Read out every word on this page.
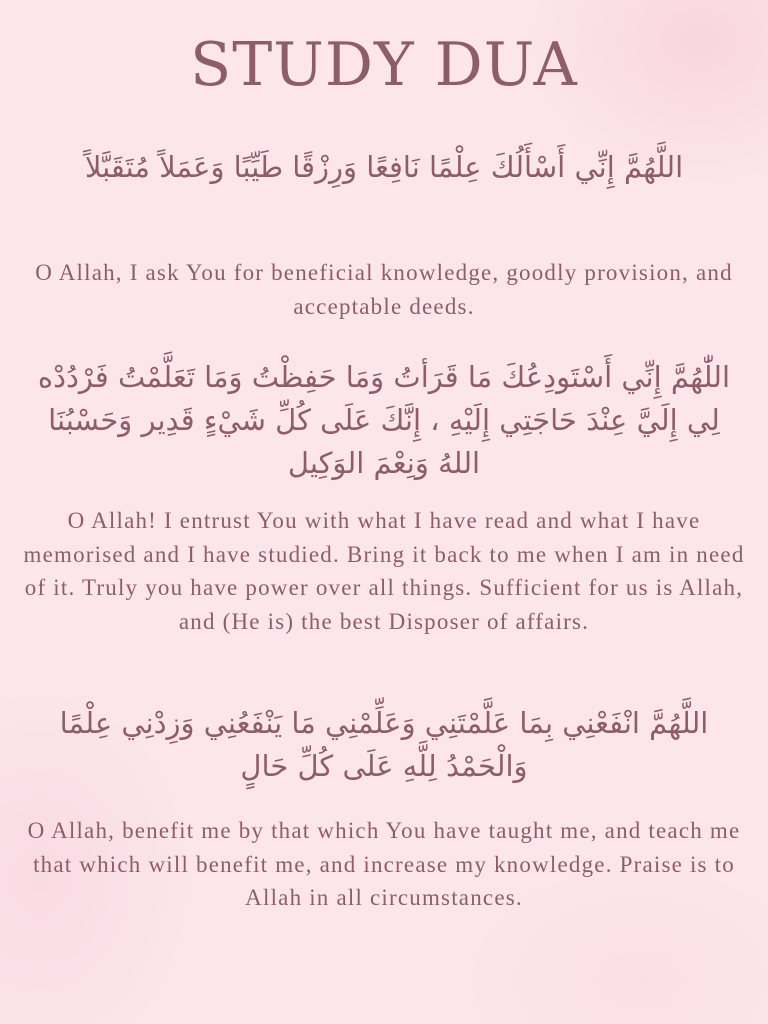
STUDY DUA

اللَّهُمَّ إِنِّي أَسْأَلُكَ عِلْمًا نَافِعًا وَرِزْقًا طَيِّبًا وَعَمَلاً مُتَقَبَّلاً

O Allah, I ask You for beneficial knowledge, goodly provision, and acceptable deeds.

اللّٰهُمَّ إِنِّي أَسْتَودِعُكَ مَا قَرَأتُ وَمَا حَفِظْتُ وَمَا تَعَلَّمْتُ فَرْدُدْه لِي إِلَيَّ عِنْدَ حَاجَتِي إِلَيْهِ ، إِنَّكَ عَلَى كُلِّ شَيْءٍ قَدِير وَحَسْبُنَا اللهُ وَنِعْمَ الوَكِيل

O Allah! I entrust You with what I have read and what I have memorised and I have studied. Bring it back to me when I am in need of it. Truly you have power over all things. Sufficient for us is Allah, and (He is) the best Disposer of affairs.

اللَّهُمَّ انْفَعْنِي بِمَا عَلَّمْتَنِي وَعَلِّمْنِي مَا يَنْفَعُنِي وَزِدْنِي عِلْمًا وَالْحَمْدُ لِلَّهِ عَلَى كُلِّ حَالٍ

O Allah, benefit me by that which You have taught me, and teach me that which will benefit me, and increase my knowledge. Praise is to Allah in all circumstances.
